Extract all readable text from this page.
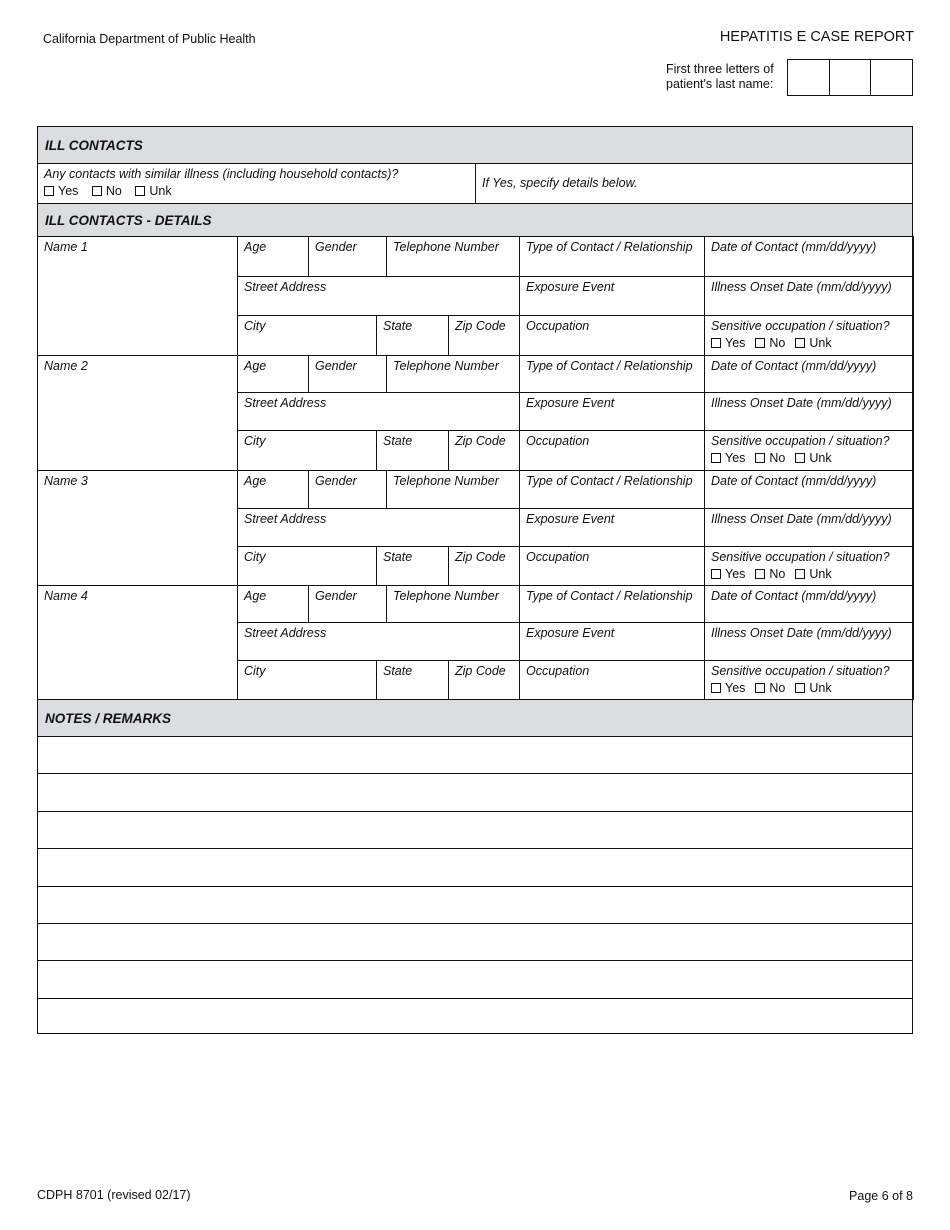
California Department of Public Health	HEPATITIS E CASE REPORT
First three letters of patient's last name:
ILL CONTACTS
Any contacts with similar illness (including household contacts)?
Yes No Unk
If Yes, specify details below.
ILL CONTACTS - DETAILS
Name 1	Age	Gender	Telephone Number	Type of Contact / Relationship	Date of Contact (mm/dd/yyyy)
Street Address	Exposure Event	Illness Onset Date (mm/dd/yyyy)
City	State	Zip Code	Occupation	Sensitive occupation / situation?
Yes No Unk
Name 2	Age	Gender	Telephone Number	Type of Contact / Relationship	Date of Contact (mm/dd/yyyy)
Street Address	Exposure Event	Illness Onset Date (mm/dd/yyyy)
City	State	Zip Code	Occupation	Sensitive occupation / situation?
Yes No Unk
Name 3	Age	Gender	Telephone Number	Type of Contact / Relationship	Date of Contact (mm/dd/yyyy)
Street Address	Exposure Event	Illness Onset Date (mm/dd/yyyy)
City	State	Zip Code	Occupation	Sensitive occupation / situation?
Yes No Unk
Name 4	Age	Gender	Telephone Number	Type of Contact / Relationship	Date of Contact (mm/dd/yyyy)
Street Address	Exposure Event	Illness Onset Date (mm/dd/yyyy)
City	State	Zip Code	Occupation	Sensitive occupation / situation?
Yes No Unk
NOTES / REMARKS
CDPH 8701 (revised 02/17)	Page 6 of 8
